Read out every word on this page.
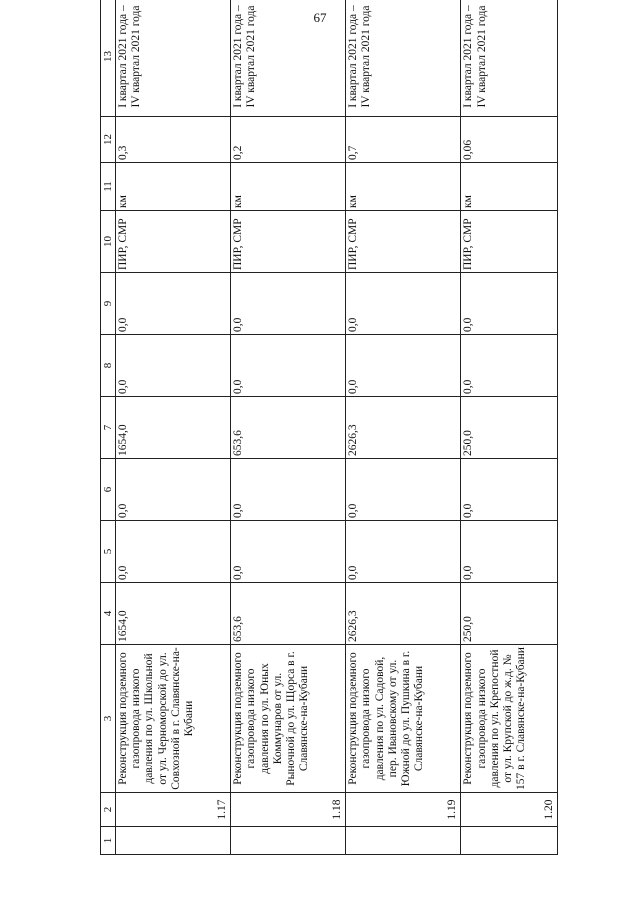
67
1	2	3	4	5	6	7	8	9	10	11	12	13
	1.17	Реконструкция подземного газопровода низкого давления по ул. Школьной от ул. Черноморской до ул. Совхозной в г. Славянске-на-Кубани	1654,0	0,0	0,0	1654,0	0,0	0,0	ПИР, СМР	км	0,3	I квартал 2021 года – IV квартал 2021 года
	1.18	Реконструкция подземного газопровода низкого давления по ул. Юных Коммунаров от ул. Рыночной до ул. Щорса в г. Славянске-на-Кубани	653,6	0,0	0,0	653,6	0,0	0,0	ПИР, СМР	км	0,2	I квартал 2021 года – IV квартал 2021 года
	1.19	Реконструкция подземного газопровода низкого давления по ул. Садовой, пер. Ивановскому от ул. Южной до ул. Пушкина в г. Славянске-на-Кубани	2626,3	0,0	0,0	2626,3	0,0	0,0	ПИР, СМР	км	0,7	I квартал 2021 года – IV квартал 2021 года
	1.20	Реконструкция подземного газопровода низкого давления по ул. Крепостной от ул. Крупской до ж.д. № 157 в г. Славянске-на-Кубани	250,0	0,0	0,0	250,0	0,0	0,0	ПИР, СМР	км	0,06	I квартал 2021 года – IV квартал 2021 года
